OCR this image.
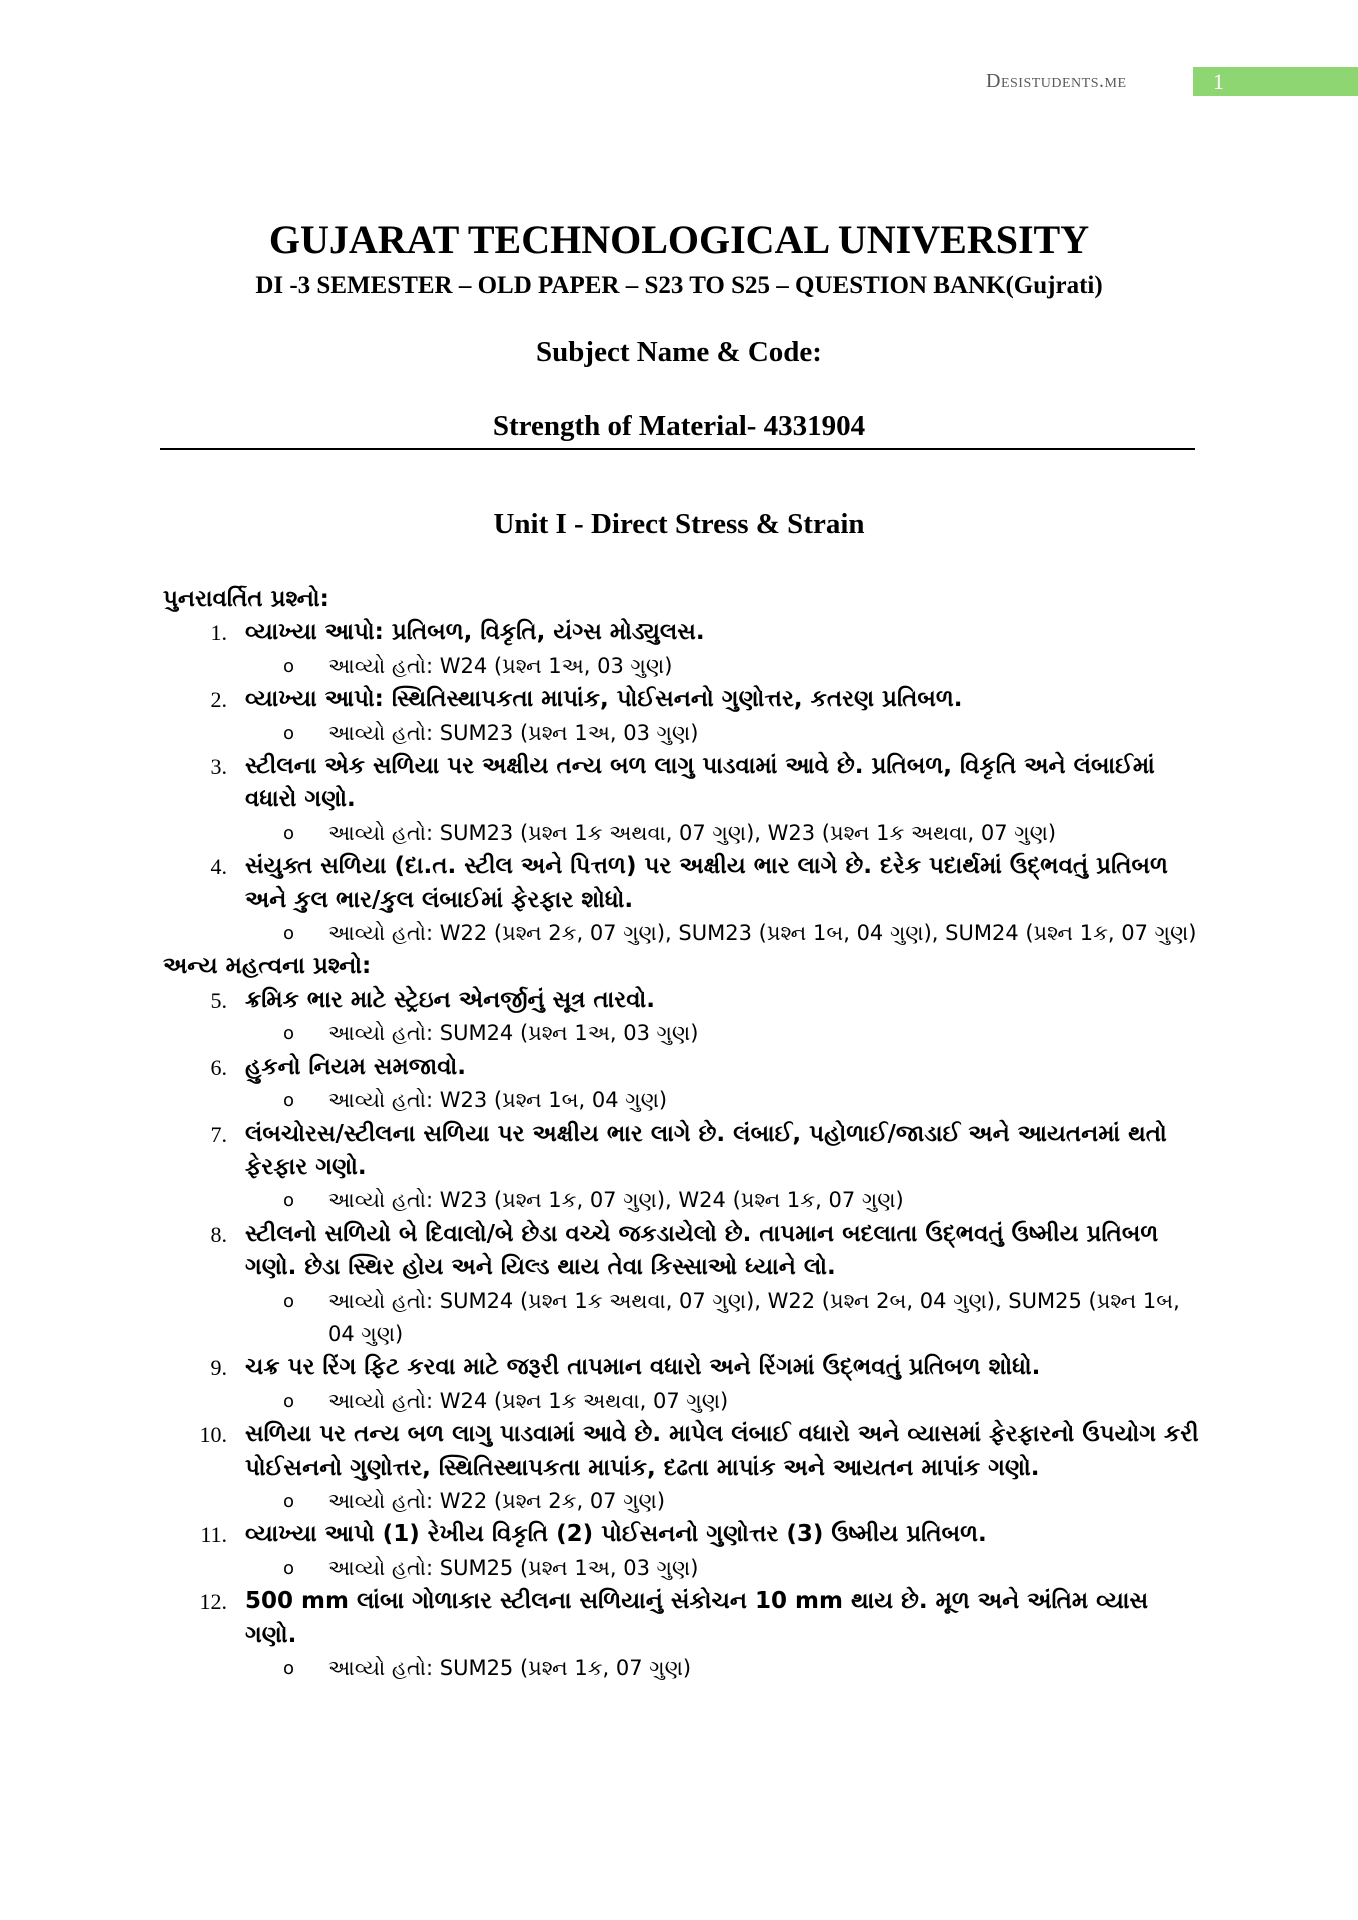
Desistudents.me	1
GUJARAT TECHNOLOGICAL UNIVERSITY
DI -3 SEMESTER – OLD PAPER – S23 TO S25 – QUESTION BANK(Gujrati)
Subject Name & Code:
Strength of Material- 4331904
Unit I - Direct Stress & Strain
પુનરાવર્તિત પ્રશ્નો:
1. વ્યાખ્યા આપો: પ્રતિબળ, વિકૃતિ, યંગ્સ મોડ્યુલસ.
o	આવ્યો હતો: W24 (પ્રશ્ન 1અ, 03 ગુણ)
2. વ્યાખ્યા આપો: સ્થિતિસ્થાપકતા માપાંક, પોઈસનનો ગુણોત્તર, કતરણ પ્રતિબળ.
o	આવ્યો હતો: SUM23 (પ્રશ્ન 1અ, 03 ગુણ)
3. સ્ટીલના એક સળિયા પર અક્ષીય તન્ય બળ લાગુ પાડવામાં આવે છે. પ્રતિબળ, વિકૃતિ અને લંબાઈમાં વધારો ગણો.
o	આવ્યો હતો: SUM23 (પ્રશ્ન 1ક અથવા, 07 ગુણ), W23 (પ્રશ્ન 1ક અથવા, 07 ગુણ)
4. સંયુક્ત સળિયા (દા.ત. સ્ટીલ અને પિત્તળ) પર અક્ષીય ભાર લાગે છે. દરેક પદાર્થમાં ઉદ્ભવતું પ્રતિબળ અને કુલ ભાર/કુલ લંબાઈમાં ફેરફાર શોધો.
o	આવ્યો હતો: W22 (પ્રશ્ન 2ક, 07 ગુણ), SUM23 (પ્રશ્ન 1બ, 04 ગુણ), SUM24 (પ્રશ્ન 1ક, 07 ગુણ)
અન્ય મહત્વના પ્રશ્નો:
5. ક્રમિક ભાર માટે સ્ટ્રેઇન એનર્જીનું સૂત્ર તારવો.
o	આવ્યો હતો: SUM24 (પ્રશ્ન 1અ, 03 ગુણ)
6. હુકનો નિયમ સમજાવો.
o	આવ્યો હતો: W23 (પ્રશ્ન 1બ, 04 ગુણ)
7. લંબચોરસ/સ્ટીલના સળિયા પર અક્ષીય ભાર લાગે છે. લંબાઈ, પહોળાઈ/જાડાઈ અને આયતનમાં થતો ફેરફાર ગણો.
o	આવ્યો હતો: W23 (પ્રશ્ન 1ક, 07 ગુણ), W24 (પ્રશ્ન 1ક, 07 ગુણ)
8. સ્ટીલનો સળિયો બે દિવાલો/બે છેડા વચ્ચે જકડાયેલો છે. તાપમાન બદલાતા ઉદ્ભવતું ઉષ્મીય પ્રતિબળ ગણો. છેડા સ્થિર હોય અને યિલ્ડ થાય તેવા કિસ્સાઓ ધ્યાને લો.
o	આવ્યો હતો: SUM24 (પ્રશ્ન 1ક અથવા, 07 ગુણ), W22 (પ્રશ્ન 2બ, 04 ગુણ), SUM25 (પ્રશ્ન 1બ, 04 ગુણ)
9. ચક્ર પર રિંગ ફિટ કરવા માટે જરૂરી તાપમાન વધારો અને રિંગમાં ઉદ્ભવતું પ્રતિબળ શોધો.
o	આવ્યો હતો: W24 (પ્રશ્ન 1ક અથવા, 07 ગુણ)
10. સળિયા પર તન્ય બળ લાગુ પાડવામાં આવે છે. માપેલ લંબાઈ વધારો અને વ્યાસમાં ફેરફારનો ઉપયોગ કરી પોઈસનનો ગુણોત્તર, સ્થિતિસ્થાપકતા માપાંક, દઢતા માપાંક અને આયતન માપાંક ગણો.
o	આવ્યો હતો: W22 (પ્રશ્ન 2ક, 07 ગુણ)
11. વ્યાખ્યા આપો (1) રેખીય વિકૃતિ (2) પોઈસનનો ગુણોત્તર (3) ઉષ્મીય પ્રતિબળ.
o	આવ્યો હતો: SUM25 (પ્રશ્ન 1અ, 03 ગુણ)
12. 500 mm લાંબા ગોળાકાર સ્ટીલના સળિયાનું સંકોચન 10 mm થાય છે. મૂળ અને અંતિમ વ્યાસ ગણો.
o	આવ્યો હતો: SUM25 (પ્રશ્ન 1ક, 07 ગુણ)
